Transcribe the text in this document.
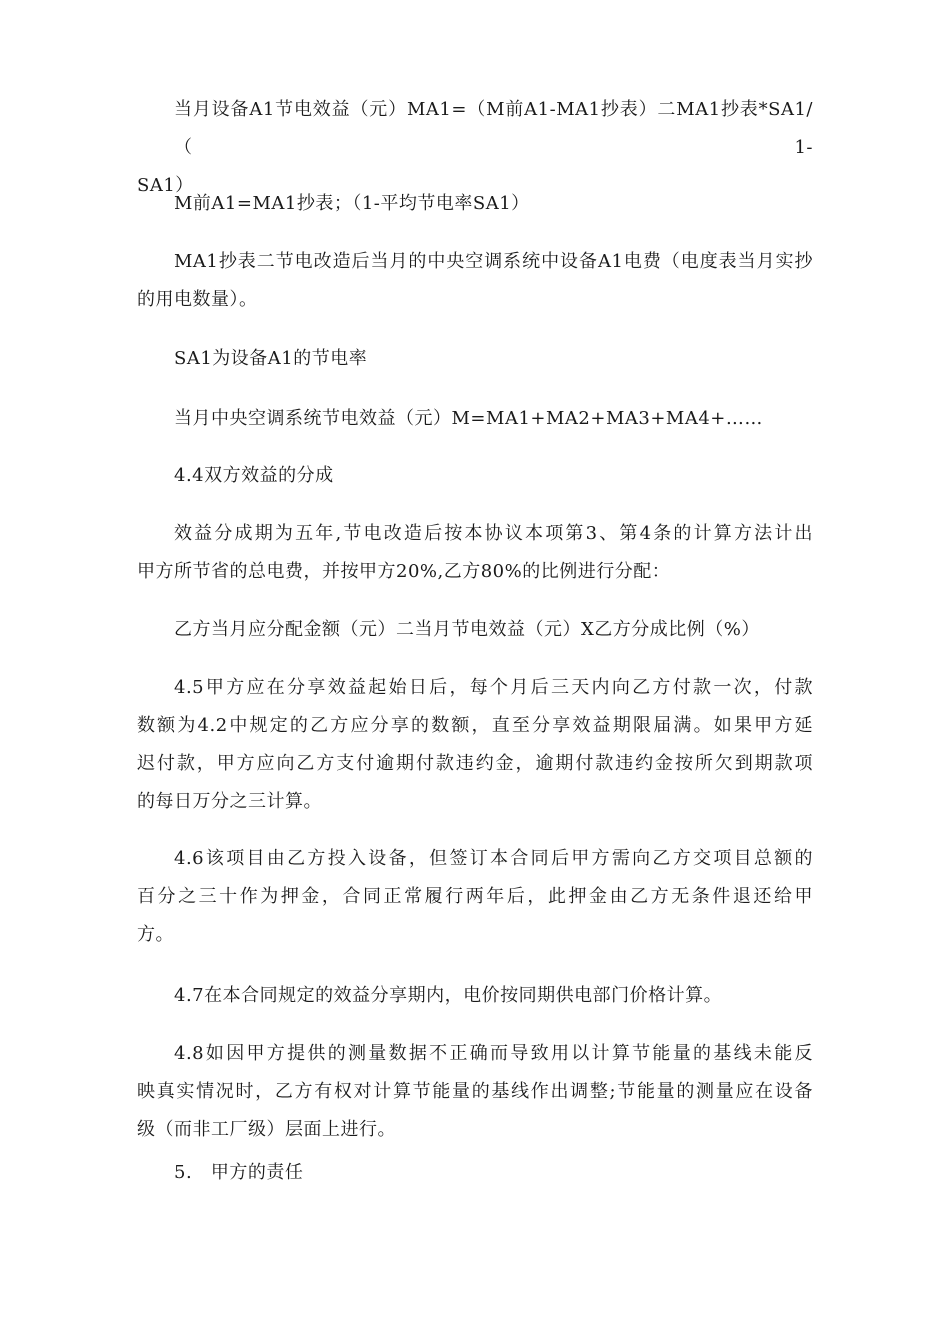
当月设备A1节电效益（元）MA1=（M前A1-MA1抄表）二MA1抄表*SA1/（1-
SA1）
M前A1=MA1抄表；（1-平均节电率SA1）
MA1抄表二节电改造后当月的中央空调系统中设备A1电费（电度表当月实抄
的用电数量）。
SA1为设备A1的节电率
当月中央空调系统节电效益（元）M=MA1+MA2+MA3+MA4+……
4.4双方效益的分成
效益分成期为五年,节电改造后按本协议本项第3、第4条的计算方法计出
甲方所节省的总电费，并按甲方20%,乙方80%的比例进行分配：
乙方当月应分配金额（元）二当月节电效益（元）X乙方分成比例（%）
4.5甲方应在分享效益起始日后，每个月后三天内向乙方付款一次，付款
数额为4.2中规定的乙方应分享的数额，直至分享效益期限届满。如果甲方延
迟付款，甲方应向乙方支付逾期付款违约金，逾期付款违约金按所欠到期款项
的每日万分之三计算。
4.6该项目由乙方投入设备，但签订本合同后甲方需向乙方交项目总额的
百分之三十作为押金，合同正常履行两年后，此押金由乙方无条件退还给甲
方。
4.7在本合同规定的效益分享期内，电价按同期供电部门价格计算。
4.8如因甲方提供的测量数据不正确而导致用以计算节能量的基线未能反
映真实情况时，乙方有权对计算节能量的基线作出调整;节能量的测量应在设备
级（而非工厂级）层面上进行。
5.   甲方的责任
